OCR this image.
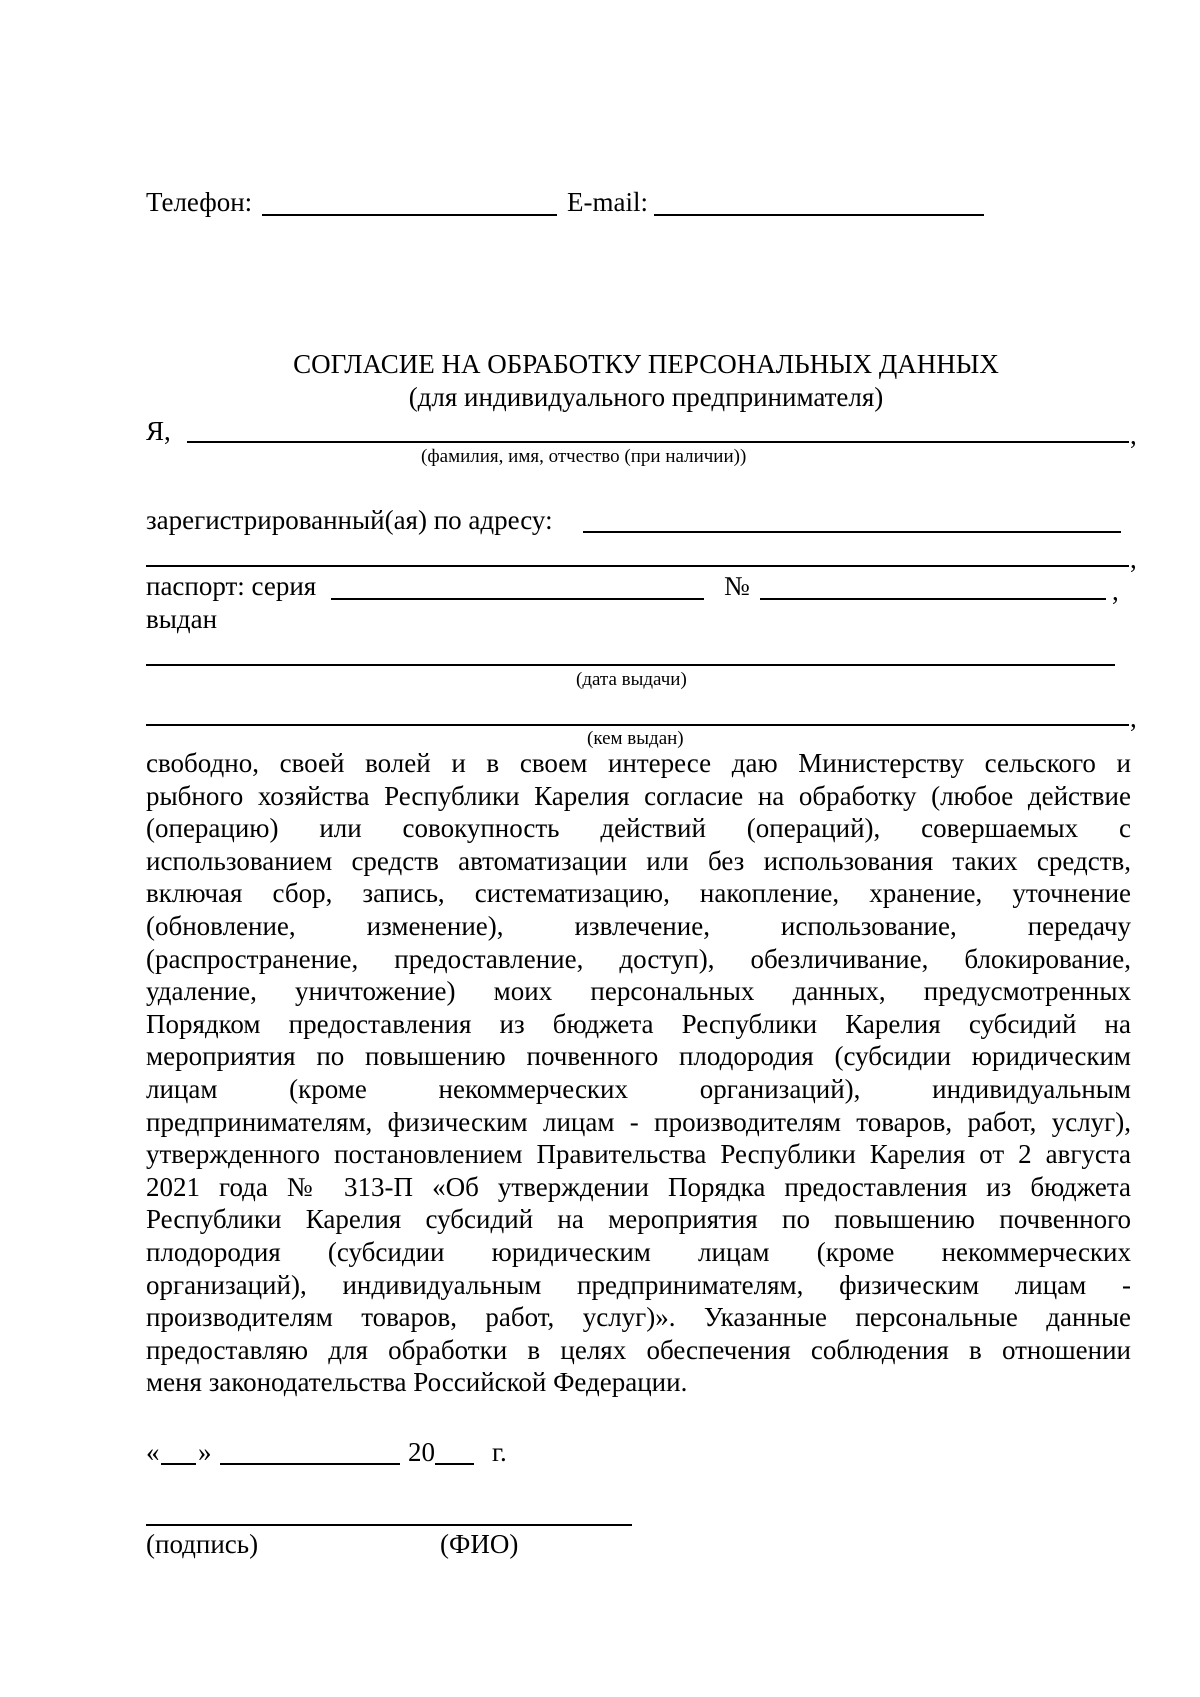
Телефон:	E-mail:
СОГЛАСИЕ НА ОБРАБОТКУ ПЕРСОНАЛЬНЫХ ДАННЫХ
(для индивидуального предпринимателя)
Я,	,
(фамилия, имя, отчество (при наличии))
зарегистрированный(ая) по адресу:
,
паспорт: серия	№	,
выдан
(дата выдачи)
,
(кем выдан)
свободно, своей волей и в своем интересе даю Министерству сельского и
рыбного хозяйства Республики Карелия согласие на обработку (любое действие
(операцию) или совокупность действий (операций), совершаемых с
использованием средств автоматизации или без использования таких средств,
включая сбор, запись, систематизацию, накопление, хранение, уточнение
(обновление, изменение), извлечение, использование, передачу
(распространение, предоставление, доступ), обезличивание, блокирование,
удаление, уничтожение) моих персональных данных, предусмотренных
Порядком предоставления из бюджета Республики Карелия субсидий на
мероприятия по повышению почвенного плодородия (субсидии юридическим
лицам (кроме некоммерческих организаций), индивидуальным
предпринимателям, физическим лицам - производителям товаров, работ, услуг),
утвержденного постановлением Правительства Республики Карелия от 2 августа
2021 года № 313-П «Об утверждении Порядка предоставления из бюджета
Республики Карелия субсидий на мероприятия по повышению почвенного
плодородия (субсидии юридическим лицам (кроме некоммерческих
организаций), индивидуальным предпринимателям, физическим лицам -
производителям товаров, работ, услуг)». Указанные персональные данные
предоставляю для обработки в целях обеспечения соблюдения в отношении
меня законодательства Российской Федерации.
« »	20 г.
(подпись)	(ФИО)
